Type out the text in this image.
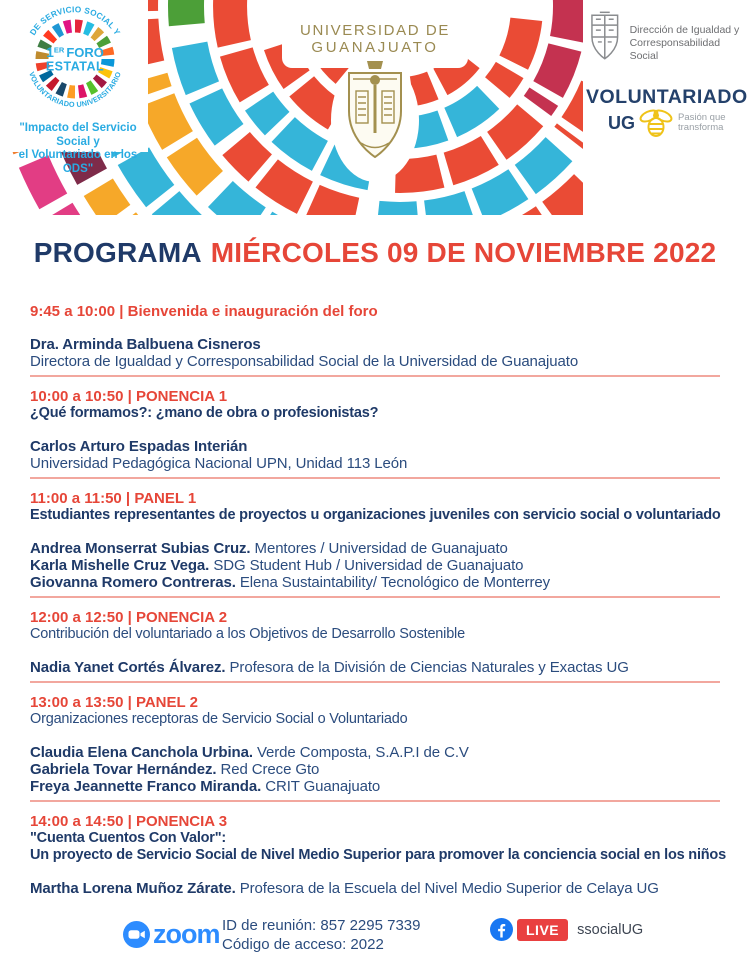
DE SERVICIO SOCIAL Y
VOLUNTARIADO UNIVERSITARIO
1ER $_{FORO}$
ESTATAL
"Impacto del Servicio Social y
el Voluntariado en los ODS"
UNIVERSIDAD DE
GUANAJUATO
Dirección de Igualdad y
Corresponsabilidad Social
VOLUNTARIADO
UG	Pasión que
transforma
PROGRAMA MIÉRCOLES 09 DE NOVIEMBRE 2022
9:45 a 10:00 | Bienvenida e inauguración del foro
Dra. Arminda Balbuena Cisneros
Directora de Igualdad y Corresponsabilidad Social de la Universidad de Guanajuato
10:00 a 10:50 | PONENCIA 1
¿Qué formamos?: ¿mano de obra o profesionistas?
Carlos Arturo Espadas Interián
Universidad Pedagógica Nacional UPN, Unidad 113 León
11:00 a 11:50 | PANEL 1
Estudiantes representantes de proyectos u organizaciones juveniles con servicio social o voluntariado
Andrea Monserrat Subias Cruz. Mentores / Universidad de Guanajuato
Karla Mishelle Cruz Vega. SDG Student Hub / Universidad de Guanajuato
Giovanna Romero Contreras. Elena Sustaintability/ Tecnológico de Monterrey
12:00 a 12:50 | PONENCIA 2
Contribución del voluntariado a los Objetivos de Desarrollo Sostenible
Nadia Yanet Cortés Álvarez. Profesora de la División de Ciencias Naturales y Exactas UG
13:00 a 13:50 | PANEL 2
Organizaciones receptoras de Servicio Social o Voluntariado
Claudia Elena Canchola Urbina. Verde Composta, S.A.P.I de C.V
Gabriela Tovar Hernández. Red Crece Gto
Freya Jeannette Franco Miranda. CRIT Guanajuato
14:00 a 14:50 | PONENCIA 3
"Cuenta Cuentos Con Valor":
Un proyecto de Servicio Social de Nivel Medio Superior para promover la conciencia social en los niños
Martha Lorena Muñoz Zárate. Profesora de la Escuela del Nivel Medio Superior de Celaya UG
zoom ID de reunión: 857 2295 7339
Código de acceso: 2022
LIVE	ssocialUG
